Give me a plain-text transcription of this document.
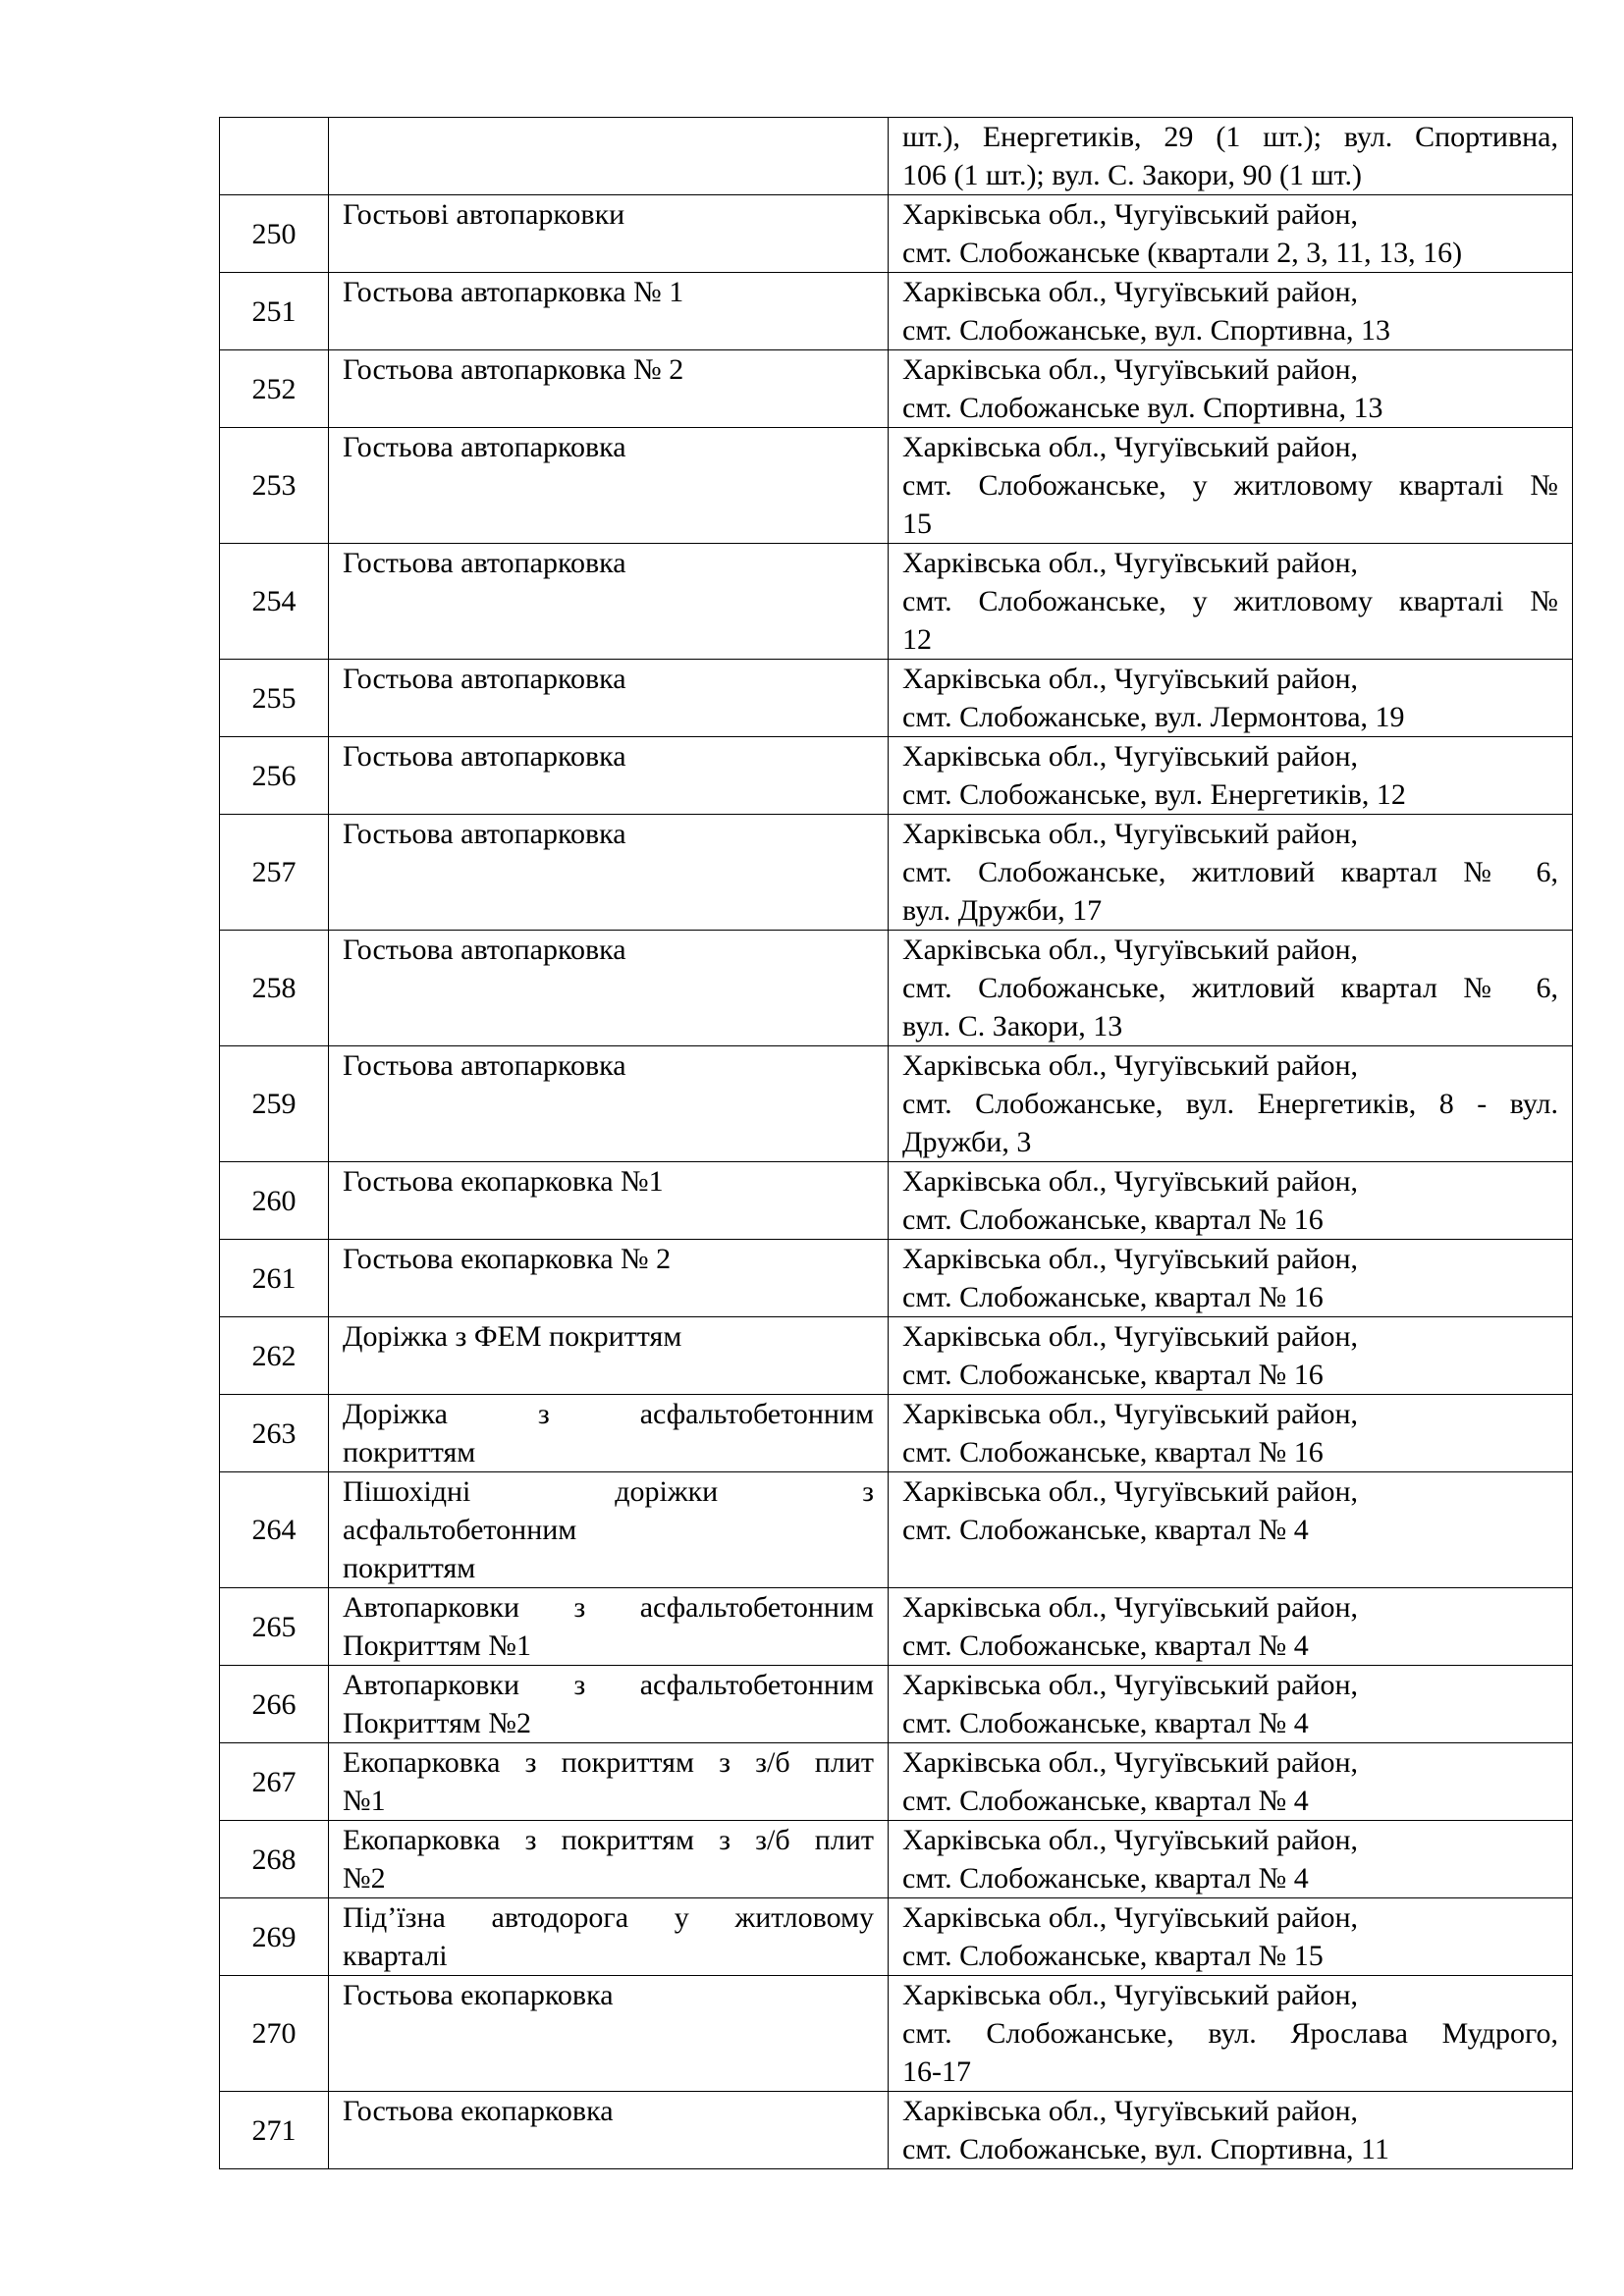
		шт.), Енергетиків, 29 (1 шт.); вул. Спортивна,
106 (1 шт.); вул. С. Закори, 90 (1 шт.)

250	Гостьові автопарковки	Харківська обл., Чугуївський район,
смт. Слобожанське (квартали 2, 3, 11, 13, 16)

251	Гостьова автопарковка № 1	Харківська обл., Чугуївський район,
смт. Слобожанське, вул. Спортивна, 13

252	Гостьова автопарковка № 2	Харківська обл., Чугуївський район,
смт. Слобожанське вул. Спортивна, 13

253	Гостьова автопарковка	Харківська обл., Чугуївський район,
смт. Слобожанське, у житловому кварталі №
15

254	Гостьова автопарковка	Харківська обл., Чугуївський район,
смт. Слобожанське, у житловому кварталі №
12

255	Гостьова автопарковка	Харківська обл., Чугуївський район,
смт. Слобожанське, вул. Лермонтова, 19

256	Гостьова автопарковка	Харківська обл., Чугуївський район,
смт. Слобожанське, вул. Енергетиків, 12

257	Гостьова автопарковка	Харківська обл., Чугуївський район,
смт. Слобожанське, житловий квартал № 6,
вул. Дружби, 17

258	Гостьова автопарковка	Харківська обл., Чугуївський район,
смт. Слобожанське, житловий квартал № 6,
вул. С. Закори, 13

259	Гостьова автопарковка	Харківська обл., Чугуївський район,
смт. Слобожанське, вул. Енергетиків, 8 - вул.
Дружби, 3

260	Гостьова екопарковка №1	Харківська обл., Чугуївський район,
смт. Слобожанське, квартал № 16

261	Гостьова екопарковка № 2	Харківська обл., Чугуївський район,
смт. Слобожанське, квартал № 16

262	Доріжка з ФЕМ покриттям	Харківська обл., Чугуївський район,
смт. Слобожанське, квартал № 16

263	Доріжка з асфальтобетонним
покриттям	Харківська обл., Чугуївський район,
смт. Слобожанське, квартал № 16

264	Пішохідні доріжки з
асфальтобетонним
покриттям	Харківська обл., Чугуївський район,
смт. Слобожанське, квартал № 4

265	Автопарковки з асфальтобетонним
Покриттям №1	Харківська обл., Чугуївський район,
смт. Слобожанське, квартал № 4

266	Автопарковки з асфальтобетонним
Покриттям №2	Харківська обл., Чугуївський район,
смт. Слобожанське, квартал № 4

267	Екопарковка з покриттям з з/б плит
№1	Харківська обл., Чугуївський район,
смт. Слобожанське, квартал № 4

268	Екопарковка з покриттям з з/б плит
№2	Харківська обл., Чугуївський район,
смт. Слобожанське, квартал № 4

269	Під’їзна автодорога у житловому
кварталі	Харківська обл., Чугуївський район,
смт. Слобожанське, квартал № 15

270	Гостьова екопарковка	Харківська обл., Чугуївський район,
смт. Слобожанське, вул. Ярослава Мудрого,
16-17

271	Гостьова екопарковка	Харківська обл., Чугуївський район,
смт. Слобожанське, вул. Спортивна, 11
